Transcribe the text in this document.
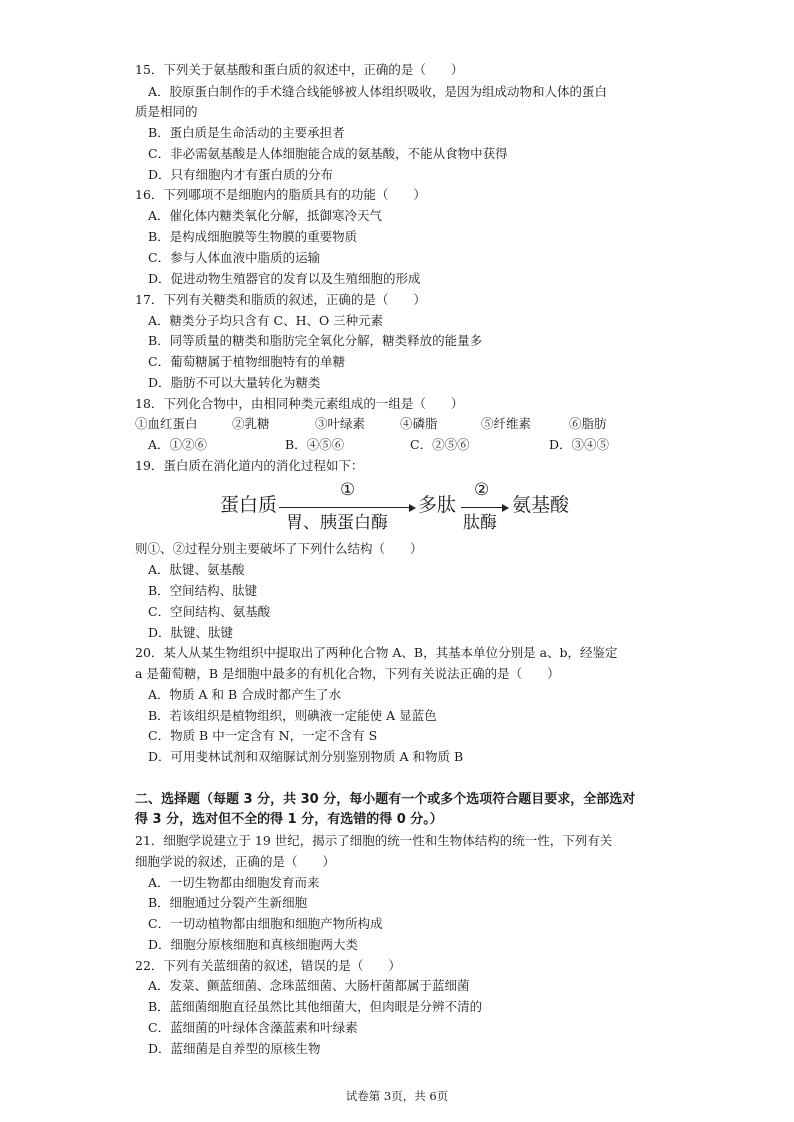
15．下列关于氨基酸和蛋白质的叙述中，正确的是（　　）
A．胶原蛋白制作的手术缝合线能够被人体组织吸收，是因为组成动物和人体的蛋白
质是相同的
B．蛋白质是生命活动的主要承担者
C．非必需氨基酸是人体细胞能合成的氨基酸，不能从食物中获得
D．只有细胞内才有蛋白质的分布
16．下列哪项不是细胞内的脂质具有的功能（　　）
A．催化体内糖类氧化分解，抵御寒冷天气
B．是构成细胞膜等生物膜的重要物质
C．参与人体血液中脂质的运输
D．促进动物生殖器官的发育以及生殖细胞的形成
17．下列有关糖类和脂质的叙述，正确的是（　　）
A．糖类分子均只含有 C、H、O 三种元素
B．同等质量的糖类和脂肪完全氧化分解，糖类释放的能量多
C．葡萄糖属于植物细胞特有的单糖
D．脂肪不可以大量转化为糖类
18．下列化合物中，由相同种类元素组成的一组是（　　）
①血红蛋白	②乳糖	③叶绿素	④磷脂	⑤纤维素	⑥脂肪
A．①②⑥	B．④⑤⑥	C．②⑤⑥	D．③④⑤
19．蛋白质在消化道内的消化过程如下：
蛋白质
①
胃、胰蛋白酶
多肽
②
肽酶
氨基酸
则①、②过程分别主要破坏了下列什么结构（　　）
A．肽键、氨基酸
B．空间结构、肽键
C．空间结构、氨基酸
D．肽键、肽键
20．某人从某生物组织中提取出了两种化合物 A、B，其基本单位分别是 a、b，经鉴定
a 是葡萄糖，B 是细胞中最多的有机化合物，下列有关说法正确的是（　　）
A．物质 A 和 B 合成时都产生了水
B．若该组织是植物组织，则碘液一定能使 A 显蓝色
C．物质 B 中一定含有 N，一定不含有 S
D．可用斐林试剂和双缩脲试剂分别鉴别物质 A 和物质 B
二、选择题（每题 3 分，共 30 分，每小题有一个或多个选项符合题目要求，全部选对
得 3 分，选对但不全的得 1 分，有选错的得 0 分。）
21．细胞学说建立于 19 世纪，揭示了细胞的统一性和生物体结构的统一性，下列有关
细胞学说的叙述，正确的是（　　）
A．一切生物都由细胞发育而来
B．细胞通过分裂产生新细胞
C．一切动植物都由细胞和细胞产物所构成
D．细胞分原核细胞和真核细胞两大类
22．下列有关蓝细菌的叙述，错误的是（　　）
A．发菜、颤蓝细菌、念珠蓝细菌、大肠杆菌都属于蓝细菌
B．蓝细菌细胞直径虽然比其他细菌大，但肉眼是分辨不清的
C．蓝细菌的叶绿体含藻蓝素和叶绿素
D．蓝细菌是自养型的原核生物
试卷第 3页，共 6页
